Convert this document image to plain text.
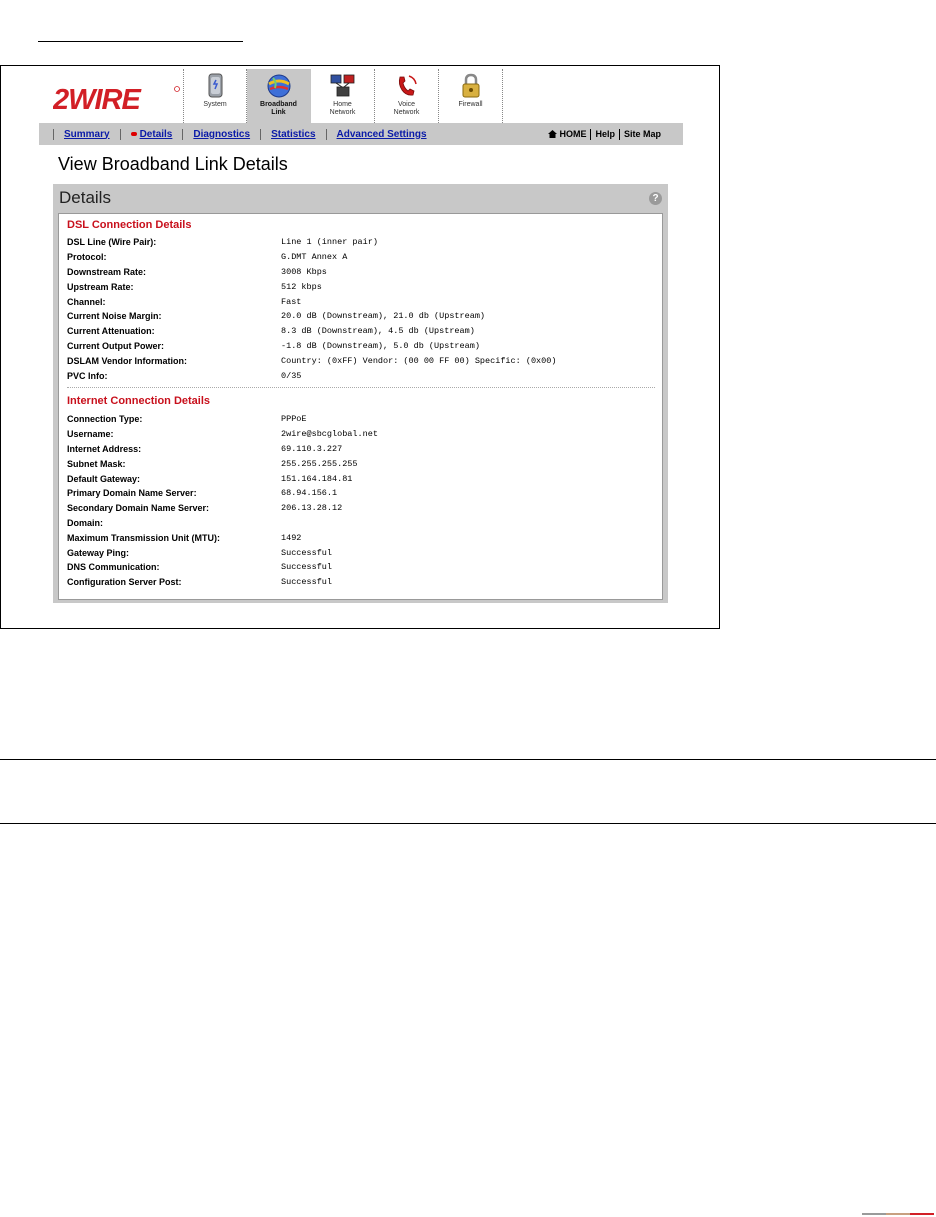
2WIRE	System	Broadband
Link
Home
Network
Voice
Network
Firewall
Summary	Details	Diagnostics	Statistics	Advanced Settings	HOME	Help	Site Map
View Broadband Link Details
Details	?
DSL Connection Details
DSL Line (Wire Pair):	Line 1 (inner pair)
Protocol:	G.DMT Annex A
Downstream Rate:	3008 Kbps
Upstream Rate:	512 kbps
Channel:	Fast
Current Noise Margin:	20.0 dB (Downstream), 21.0 db (Upstream)
Current Attenuation:	8.3 dB (Downstream), 4.5 db (Upstream)
Current Output Power:	-1.8 dB (Downstream), 5.0 db (Upstream)
DSLAM Vendor Information:	Country: (0xFF) Vendor: (00 00 FF 00) Specific: (0x00)
PVC Info:	0/35
Internet Connection Details
Connection Type:	PPPoE
Username:	2wire@sbcglobal.net
Internet Address:	69.110.3.227
Subnet Mask:	255.255.255.255
Default Gateway:	151.164.184.81
Primary Domain Name Server:	68.94.156.1
Secondary Domain Name Server:	206.13.28.12
Domain:
Maximum Transmission Unit (MTU):	1492
Gateway Ping:	Successful
DNS Communication:	Successful
Configuration Server Post:	Successful
